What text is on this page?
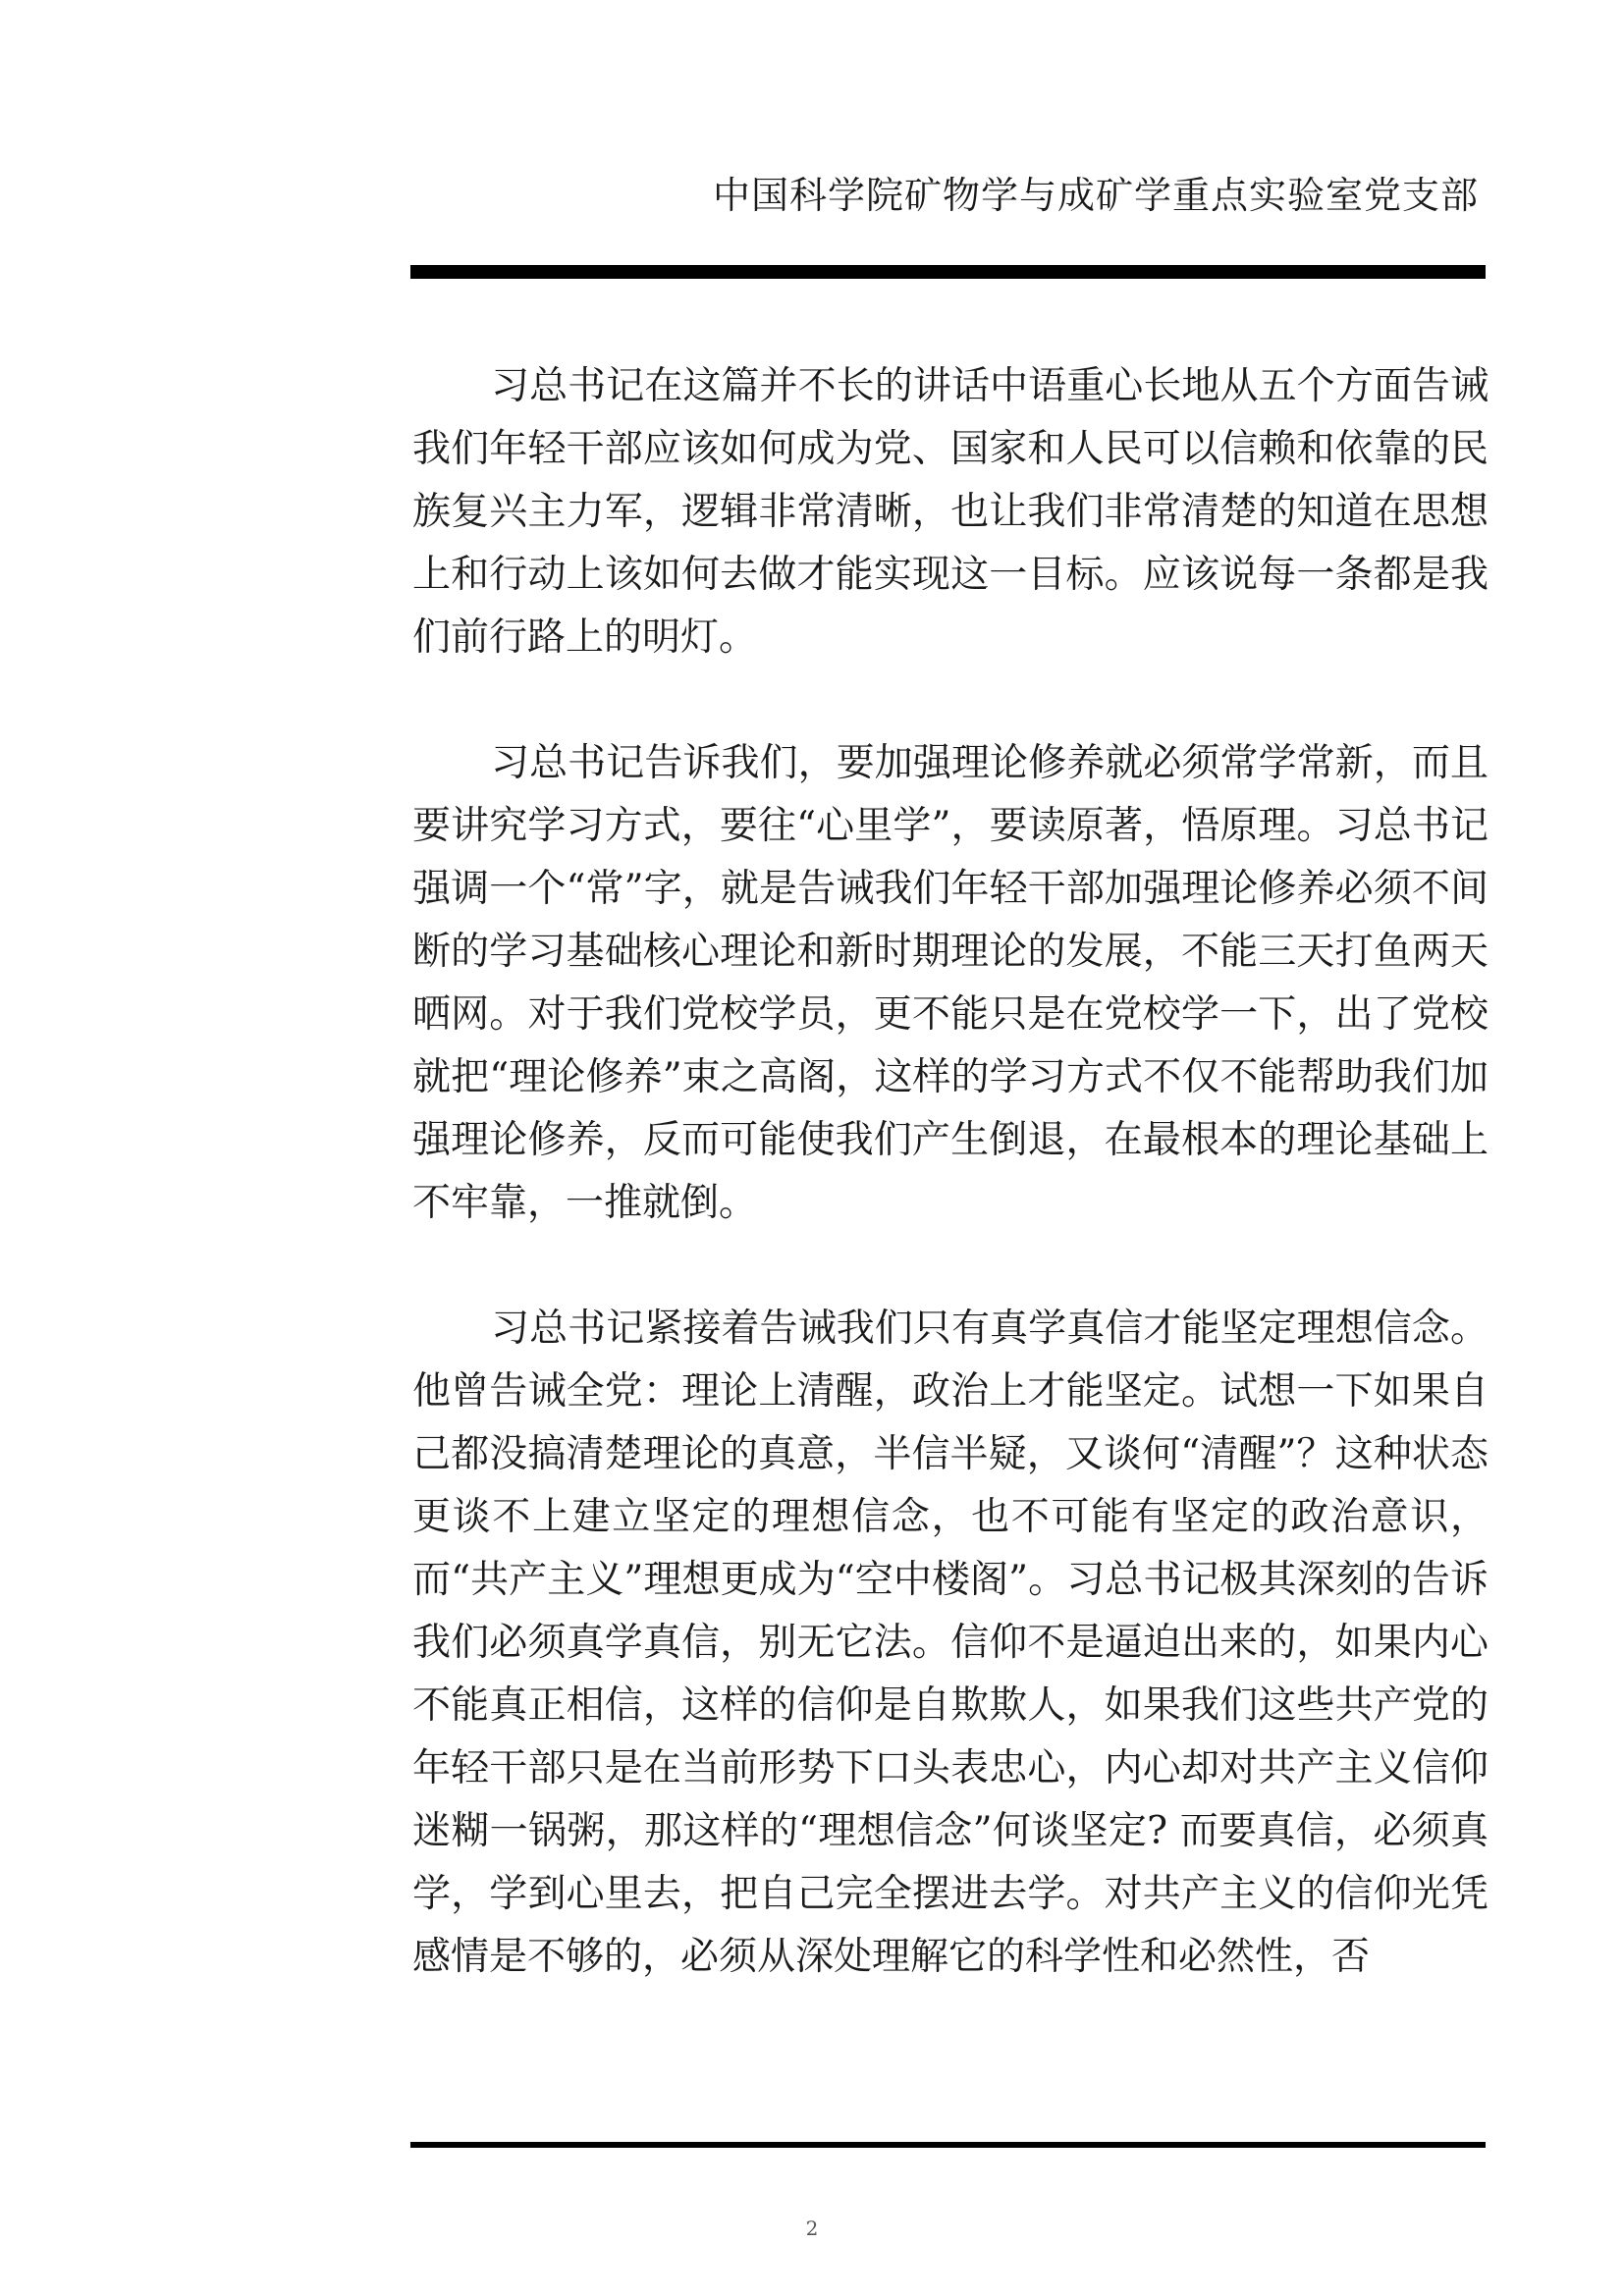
中国科学院矿物学与成矿学重点实验室党支部

习总书记在这篇并不长的讲话中语重心长地从五个方面告诫我们年轻干部应该如何成为党、国家和人民可以信赖和依靠的民族复兴主力军，逻辑非常清晰，也让我们非常清楚的知道在思想上和行动上该如何去做才能实现这一目标。应该说每一条都是我们前行路上的明灯。

习总书记告诉我们，要加强理论修养就必须常学常新，而且要讲究学习方式，要往“心里学”，要读原著，悟原理。习总书记强调一个“常”字，就是告诫我们年轻干部加强理论修养必须不间断的学习基础核心理论和新时期理论的发展，不能三天打鱼两天晒网。对于我们党校学员，更不能只是在党校学一下，出了党校就把“理论修养”束之高阁，这样的学习方式不仅不能帮助我们加强理论修养，反而可能使我们产生倒退，在最根本的理论基础上不牢靠，一推就倒。

习总书记紧接着告诫我们只有真学真信才能坚定理想信念。他曾告诫全党：理论上清醒，政治上才能坚定。试想一下如果自己都没搞清楚理论的真意，半信半疑，又谈何“清醒”？这种状态更谈不上建立坚定的理想信念，也不可能有坚定的政治意识，而“共产主义”理想更成为“空中楼阁”。习总书记极其深刻的告诉我们必须真学真信，别无它法。信仰不是逼迫出来的，如果内心不能真正相信，这样的信仰是自欺欺人，如果我们这些共产党的年轻干部只是在当前形势下口头表忠心，内心却对共产主义信仰迷糊一锅粥，那这样的“理想信念”何谈坚定? 而要真信，必须真学，学到心里去，把自己完全摆进去学。对共产主义的信仰光凭感情是不够的，必须从深处理解它的科学性和必然性，否

2
